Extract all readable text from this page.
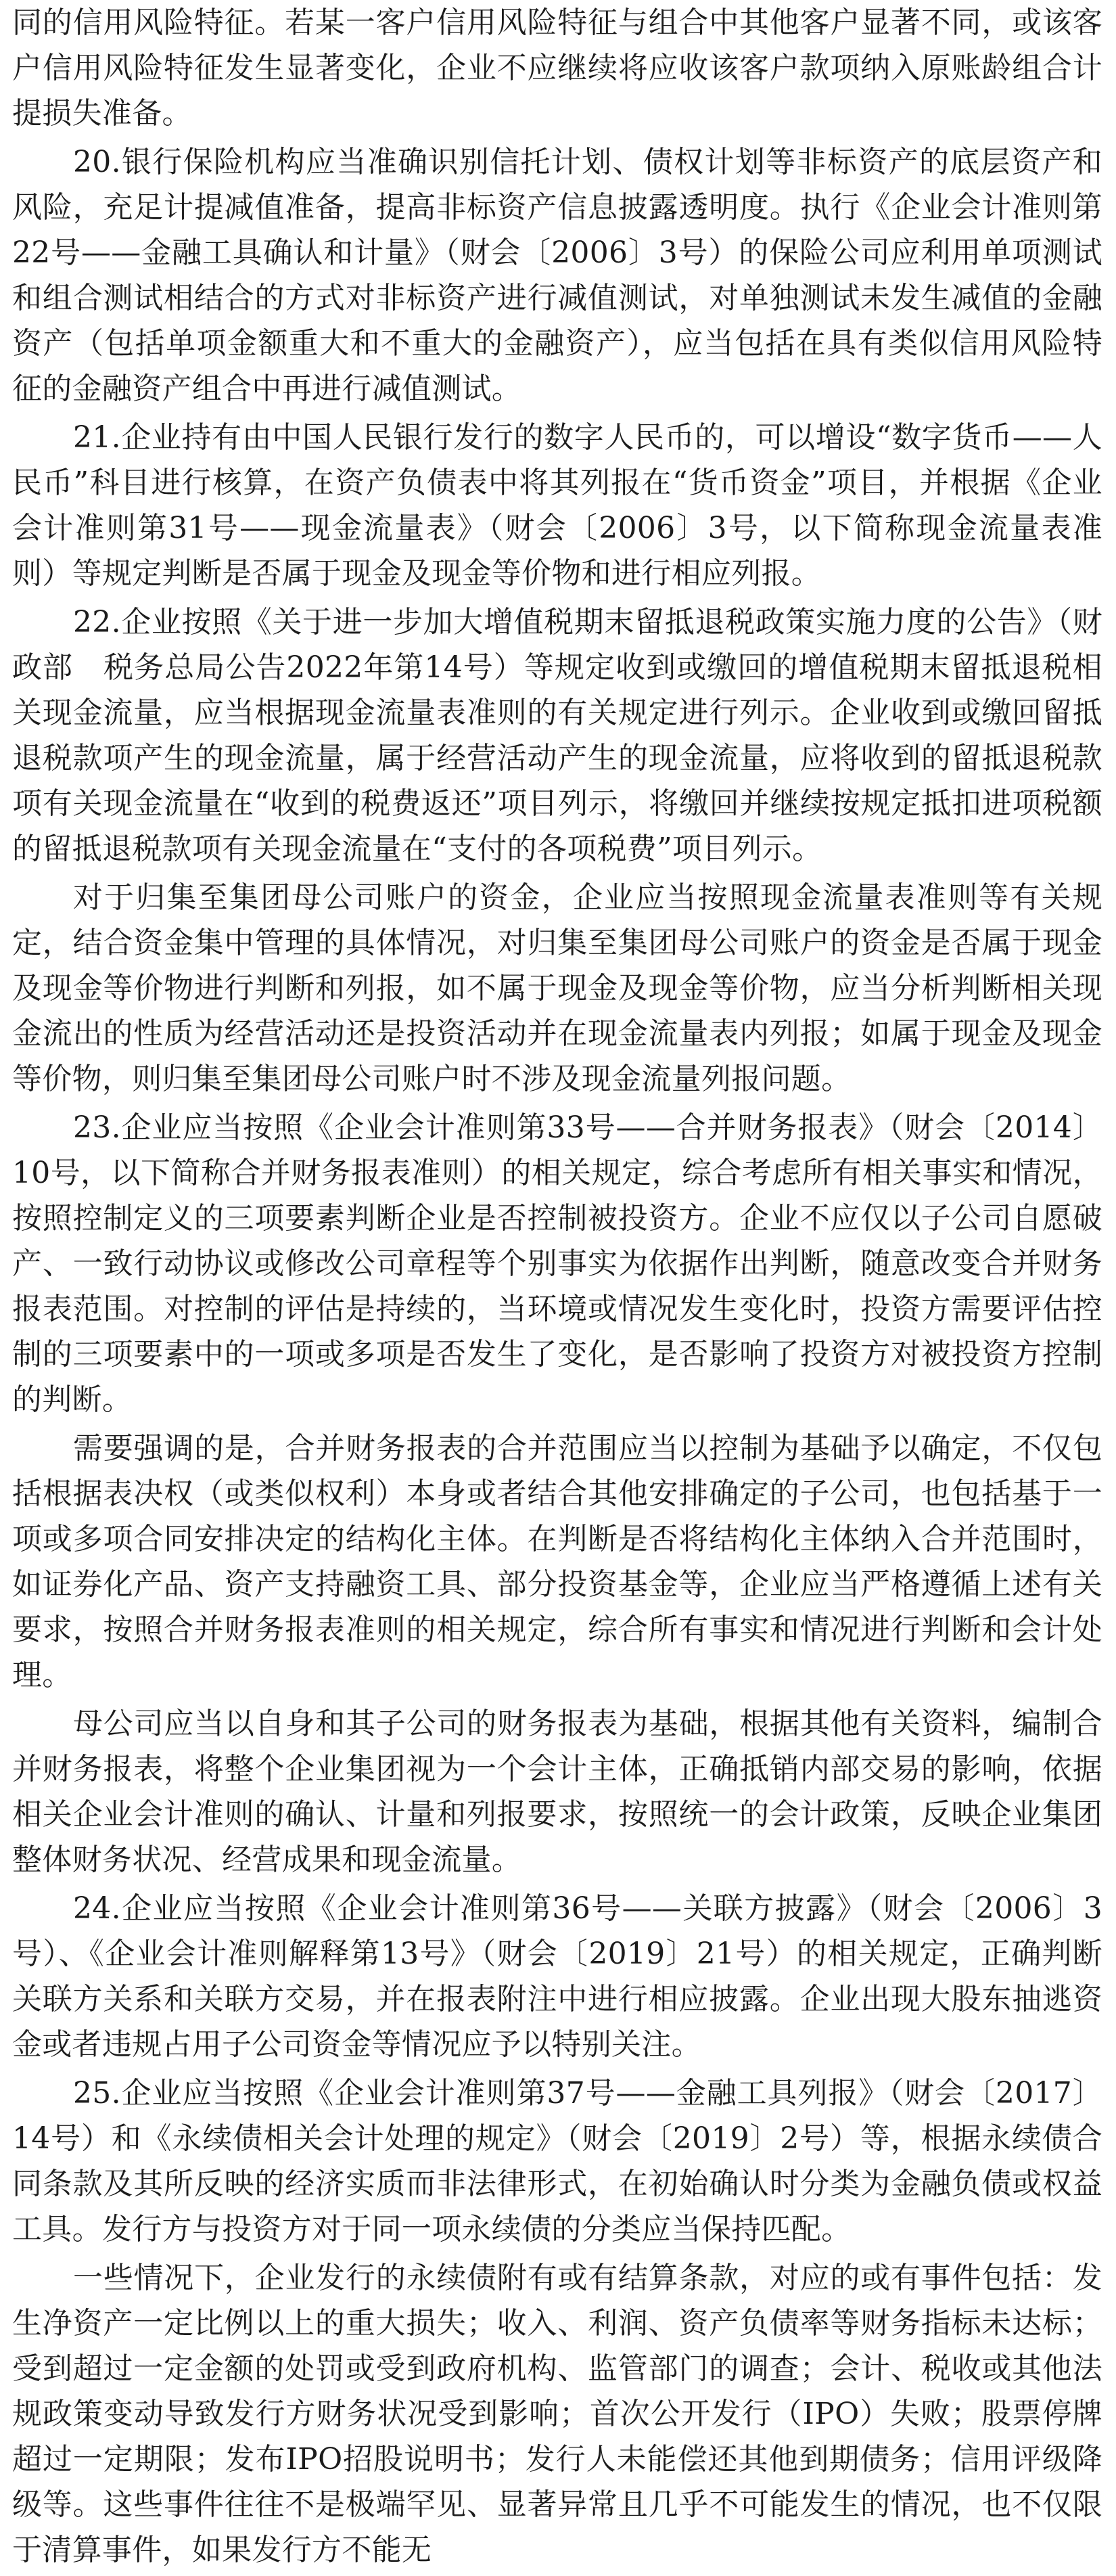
同的信用风险特征。若某一客户信用风险特征与组合中其他客户显著不同，或该客户信用风险特征发生显著变化，企业不应继续将应收该客户款项纳入原账龄组合计提损失准备。

20.银行保险机构应当准确识别信托计划、债权计划等非标资产的底层资产和风险，充足计提减值准备，提高非标资产信息披露透明度。执行《企业会计准则第22号——金融工具确认和计量》（财会〔2006〕3号）的保险公司应利用单项测试和组合测试相结合的方式对非标资产进行减值测试，对单独测试未发生减值的金融资产（包括单项金额重大和不重大的金融资产），应当包括在具有类似信用风险特征的金融资产组合中再进行减值测试。

21.企业持有由中国人民银行发行的数字人民币的，可以增设“数字货币——人民币”科目进行核算，在资产负债表中将其列报在“货币资金”项目，并根据《企业会计准则第31号——现金流量表》（财会〔2006〕3号，以下简称现金流量表准则）等规定判断是否属于现金及现金等价物和进行相应列报。

22.企业按照《关于进一步加大增值税期末留抵退税政策实施力度的公告》（财政部　税务总局公告2022年第14号）等规定收到或缴回的增值税期末留抵退税相关现金流量，应当根据现金流量表准则的有关规定进行列示。企业收到或缴回留抵退税款项产生的现金流量，属于经营活动产生的现金流量，应将收到的留抵退税款项有关现金流量在“收到的税费返还”项目列示，将缴回并继续按规定抵扣进项税额的留抵退税款项有关现金流量在“支付的各项税费”项目列示。

对于归集至集团母公司账户的资金，企业应当按照现金流量表准则等有关规定，结合资金集中管理的具体情况，对归集至集团母公司账户的资金是否属于现金及现金等价物进行判断和列报，如不属于现金及现金等价物，应当分析判断相关现金流出的性质为经营活动还是投资活动并在现金流量表内列报；如属于现金及现金等价物，则归集至集团母公司账户时不涉及现金流量列报问题。

23.企业应当按照《企业会计准则第33号——合并财务报表》（财会〔2014〕10号，以下简称合并财务报表准则）的相关规定，综合考虑所有相关事实和情况，按照控制定义的三项要素判断企业是否控制被投资方。企业不应仅以子公司自愿破产、一致行动协议或修改公司章程等个别事实为依据作出判断，随意改变合并财务报表范围。对控制的评估是持续的，当环境或情况发生变化时，投资方需要评估控制的三项要素中的一项或多项是否发生了变化，是否影响了投资方对被投资方控制的判断。

需要强调的是，合并财务报表的合并范围应当以控制为基础予以确定，不仅包括根据表决权（或类似权利）本身或者结合其他安排确定的子公司，也包括基于一项或多项合同安排决定的结构化主体。在判断是否将结构化主体纳入合并范围时，如证券化产品、资产支持融资工具、部分投资基金等，企业应当严格遵循上述有关要求，按照合并财务报表准则的相关规定，综合所有事实和情况进行判断和会计处理。

母公司应当以自身和其子公司的财务报表为基础，根据其他有关资料，编制合并财务报表，将整个企业集团视为一个会计主体，正确抵销内部交易的影响，依据相关企业会计准则的确认、计量和列报要求，按照统一的会计政策，反映企业集团整体财务状况、经营成果和现金流量。

24.企业应当按照《企业会计准则第36号——关联方披露》（财会〔2006〕3号）、《企业会计准则解释第13号》（财会〔2019〕21号）的相关规定，正确判断关联方关系和关联方交易，并在报表附注中进行相应披露。企业出现大股东抽逃资金或者违规占用子公司资金等情况应予以特别关注。

25.企业应当按照《企业会计准则第37号——金融工具列报》（财会〔2017〕14号）和《永续债相关会计处理的规定》（财会〔2019〕2号）等，根据永续债合同条款及其所反映的经济实质而非法律形式，在初始确认时分类为金融负债或权益工具。发行方与投资方对于同一项永续债的分类应当保持匹配。

一些情况下，企业发行的永续债附有或有结算条款，对应的或有事件包括：发生净资产一定比例以上的重大损失；收入、利润、资产负债率等财务指标未达标；受到超过一定金额的处罚或受到政府机构、监管部门的调查；会计、税收或其他法规政策变动导致发行方财务状况受到影响；首次公开发行（IPO）失败；股票停牌超过一定期限；发布IPO招股说明书；发行人未能偿还其他到期债务；信用评级降级等。这些事件往往不是极端罕见、显著异常且几乎不可能发生的情况，也不仅限于清算事件，如果发行方不能无
